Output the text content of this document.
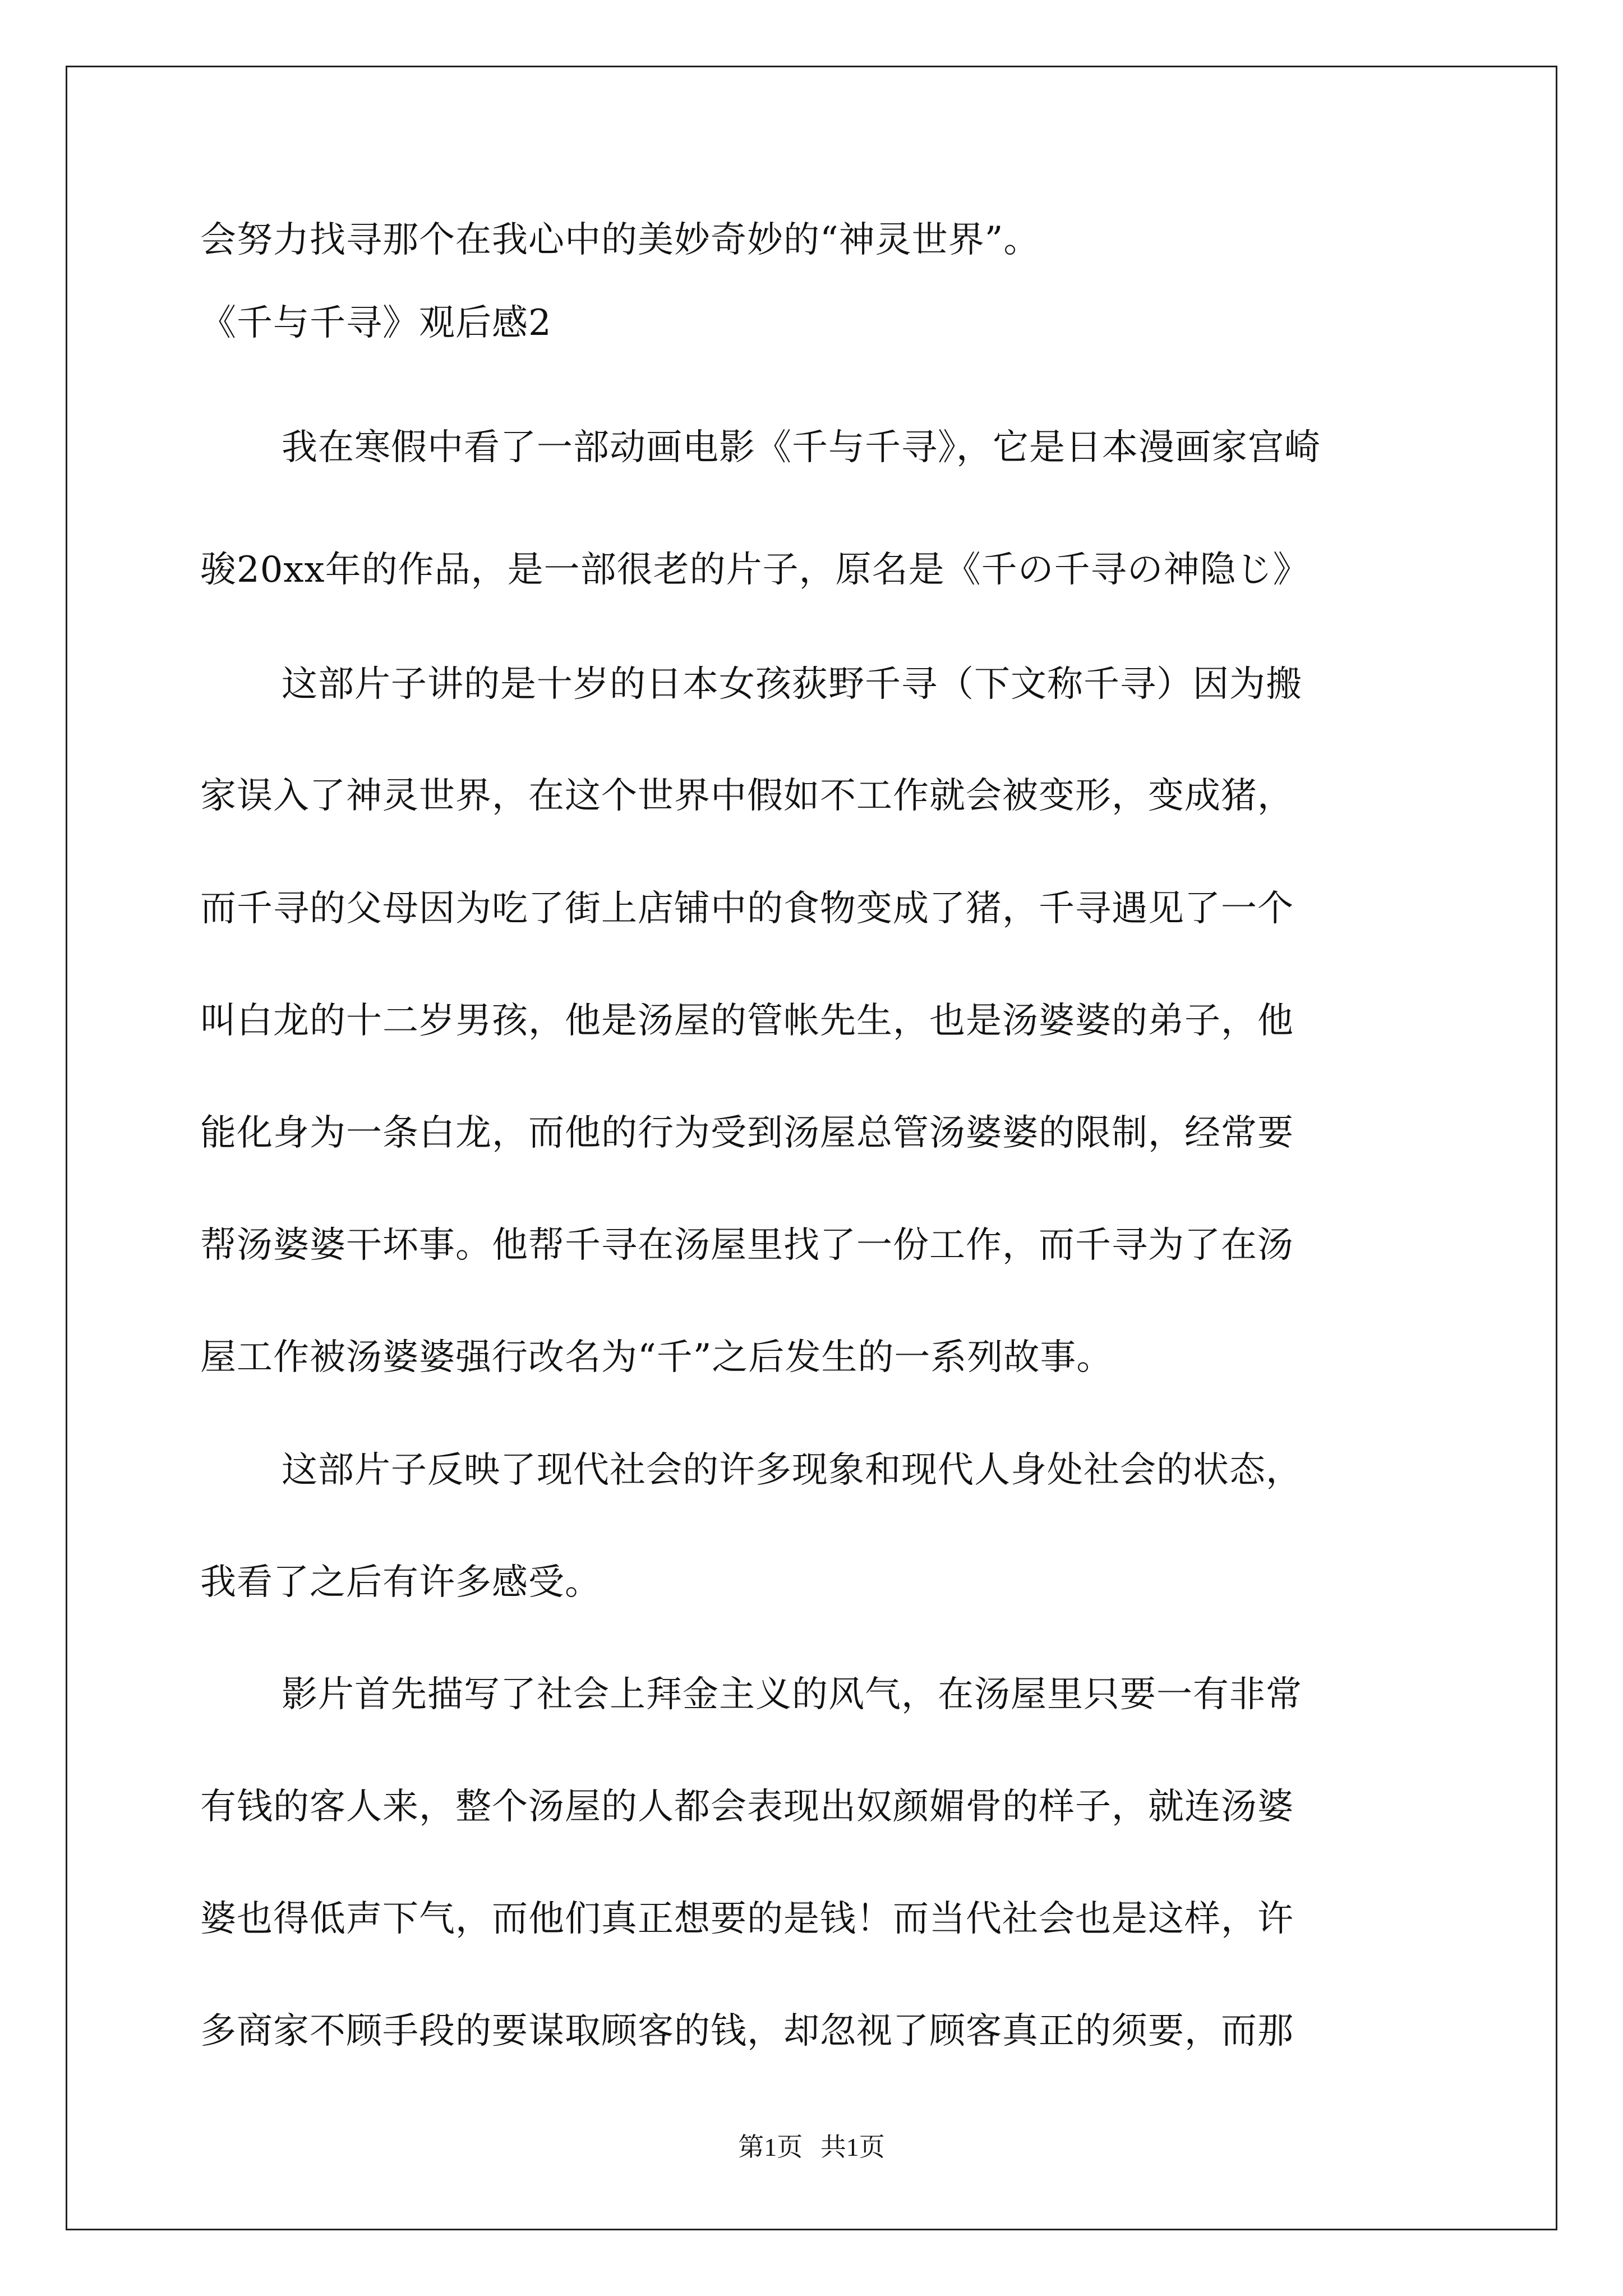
会努力找寻那个在我心中的美妙奇妙的“神灵世界”。
《千与千寻》观后感2
我在寒假中看了一部动画电影《千与千寻》，它是日本漫画家宫崎
骏20xx年的作品，是一部很老的片子，原名是《千の千寻の神隐じ》
这部片子讲的是十岁的日本女孩荻野千寻（下文称千寻）因为搬
家误入了神灵世界，在这个世界中假如不工作就会被变形，变成猪，
而千寻的父母因为吃了街上店铺中的食物变成了猪，千寻遇见了一个
叫白龙的十二岁男孩，他是汤屋的管帐先生，也是汤婆婆的弟子，他
能化身为一条白龙，而他的行为受到汤屋总管汤婆婆的限制，经常要
帮汤婆婆干坏事。他帮千寻在汤屋里找了一份工作，而千寻为了在汤
屋工作被汤婆婆强行改名为“千”之后发生的一系列故事。
这部片子反映了现代社会的许多现象和现代人身处社会的状态，
我看了之后有许多感受。
影片首先描写了社会上拜金主义的风气，在汤屋里只要一有非常
有钱的客人来，整个汤屋的人都会表现出奴颜媚骨的样子，就连汤婆
婆也得低声下气，而他们真正想要的是钱！而当代社会也是这样，许
多商家不顾手段的要谋取顾客的钱，却忽视了顾客真正的须要，而那
第1页 共1页
